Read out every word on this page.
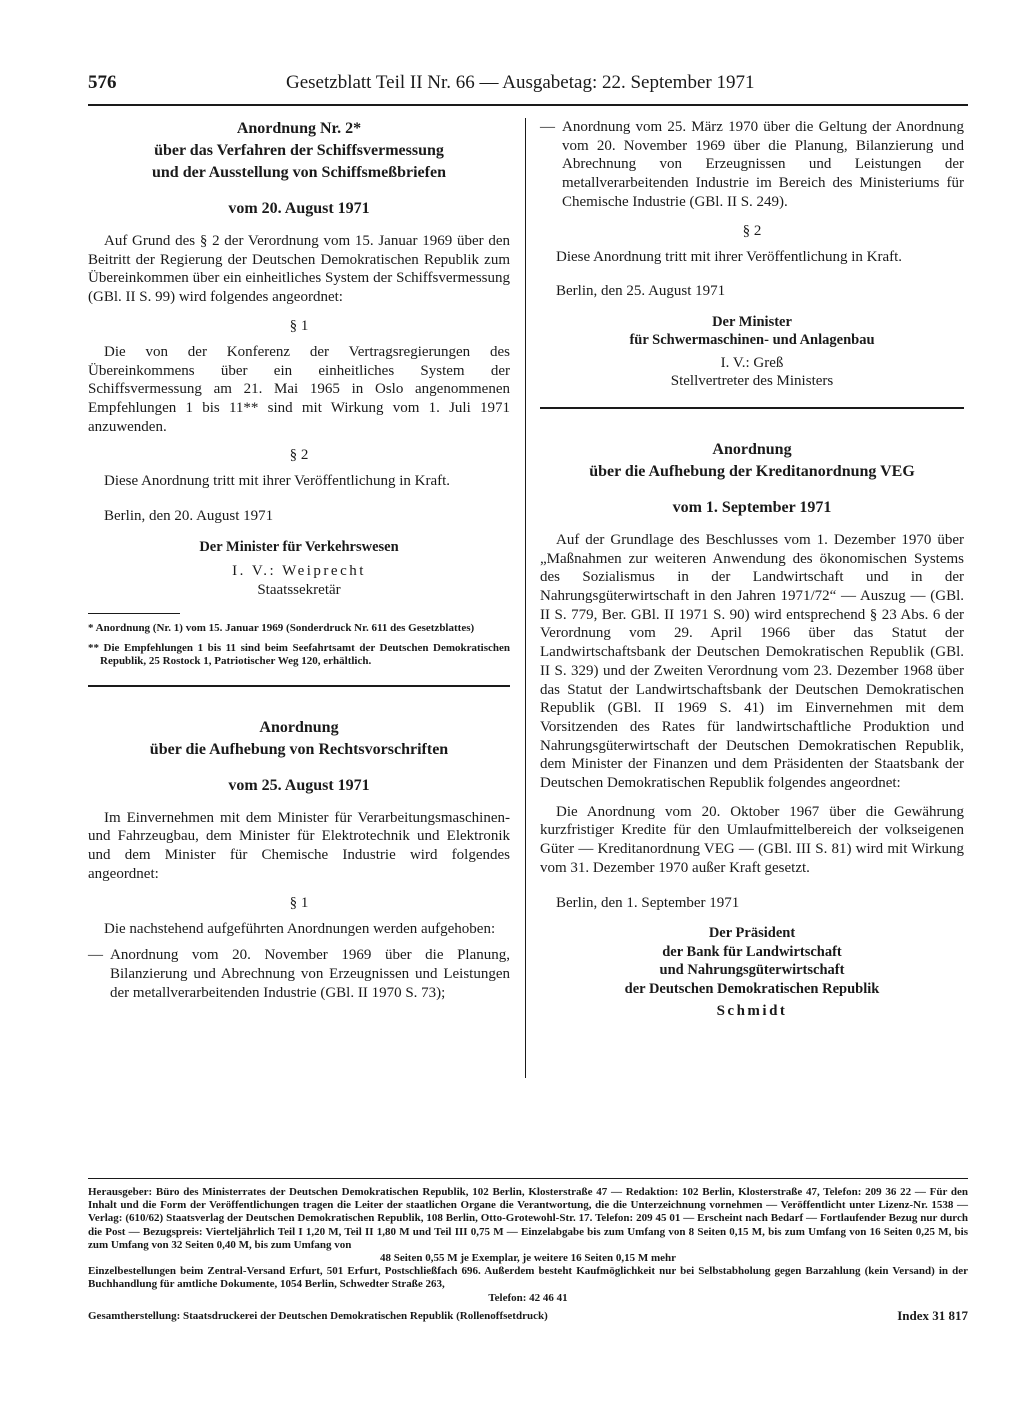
576	Gesetzblatt Teil II Nr. 66 — Ausgabetag: 22. September 1971

Anordnung Nr. 2*

über das Verfahren der Schiffsvermessung

und der Ausstellung von Schiffsmeßbriefen

vom 20. August 1971

Auf Grund des § 2 der Verordnung vom 15. Januar 1969 über den Beitritt der Regierung der Deutschen Demokratischen Republik zum Übereinkommen über ein einheitliches System der Schiffsvermessung (GBl. II S. 99) wird folgendes angeordnet:

§ 1

Die von der Konferenz der Vertragsregierungen des Übereinkommens über ein einheitliches System der Schiffsvermessung am 21. Mai 1965 in Oslo angenommenen Empfehlungen 1 bis 11** sind mit Wirkung vom 1. Juli 1971 anzuwenden.

§ 2

Diese Anordnung tritt mit ihrer Veröffentlichung in Kraft.

Berlin, den 20. August 1971

Der Minister für Verkehrswesen

I. V.: Weiprecht

Staatssekretär

* Anordnung (Nr. 1) vom 15. Januar 1969 (Sonderdruck Nr. 611 des Gesetzblattes)

** Die Empfehlungen 1 bis 11 sind beim Seefahrtsamt der Deutschen Demokratischen Republik, 25 Rostock 1, Patriotischer Weg 120, erhältlich.

Anordnung

über die Aufhebung von Rechtsvorschriften

vom 25. August 1971

Im Einvernehmen mit dem Minister für Verarbeitungsmaschinen- und Fahrzeugbau, dem Minister für Elektrotechnik und Elektronik und dem Minister für Chemische Industrie wird folgendes angeordnet:

§ 1

Die nachstehend aufgeführten Anordnungen werden aufgehoben:

— Anordnung vom 20. November 1969 über die Planung, Bilanzierung und Abrechnung von Erzeugnissen und Leistungen der metallverarbeitenden Industrie (GBl. II 1970 S. 73);
— Anordnung vom 25. März 1970 über die Geltung der Anordnung vom 20. November 1969 über die Planung, Bilanzierung und Abrechnung von Erzeugnissen und Leistungen der metallverarbeitenden Industrie im Bereich des Ministeriums für Chemische Industrie (GBl. II S. 249).

§ 2

Diese Anordnung tritt mit ihrer Veröffentlichung in Kraft.

Berlin, den 25. August 1971

Der Minister

für Schwermaschinen- und Anlagenbau

I. V.: Greß

Stellvertreter des Ministers

Anordnung

über die Aufhebung der Kreditanordnung VEG

vom 1. September 1971

Auf der Grundlage des Beschlusses vom 1. Dezember 1970 über „Maßnahmen zur weiteren Anwendung des ökonomischen Systems des Sozialismus in der Landwirtschaft und in der Nahrungsgüterwirtschaft in den Jahren 1971/72“ — Auszug — (GBl. II S. 779, Ber. GBl. II 1971 S. 90) wird entsprechend § 23 Abs. 6 der Verordnung vom 29. April 1966 über das Statut der Landwirtschaftsbank der Deutschen Demokratischen Republik (GBl. II S. 329) und der Zweiten Verordnung vom 23. Dezember 1968 über das Statut der Landwirtschaftsbank der Deutschen Demokratischen Republik (GBl. II 1969 S. 41) im Einvernehmen mit dem Vorsitzenden des Rates für landwirtschaftliche Produktion und Nahrungsgüterwirtschaft der Deutschen Demokratischen Republik, dem Minister der Finanzen und dem Präsidenten der Staatsbank der Deutschen Demokratischen Republik folgendes angeordnet:

Die Anordnung vom 20. Oktober 1967 über die Gewährung kurzfristiger Kredite für den Umlaufmittelbereich der volkseigenen Güter — Kreditanordnung VEG — (GBl. III S. 81) wird mit Wirkung vom 31. Dezember 1970 außer Kraft gesetzt.

Berlin, den 1. September 1971

Der Präsident

der Bank für Landwirtschaft

und Nahrungsgüterwirtschaft

der Deutschen Demokratischen Republik

Schmidt

Herausgeber: Büro des Ministerrates der Deutschen Demokratischen Republik, 102 Berlin, Klosterstraße 47 — Redaktion: 102 Berlin, Klosterstraße 47, Telefon: 209 36 22 — Für den Inhalt und die Form der Veröffentlichungen tragen die Leiter der staatlichen Organe die Verantwortung, die die Unterzeichnung vornehmen — Veröffentlicht unter Lizenz-Nr. 1538 — Verlag: (610/62) Staatsverlag der Deutschen Demokratischen Republik, 108 Berlin, Otto-Grotewohl-Str. 17. Telefon: 209 45 01 — Erscheint nach Bedarf — Fortlaufender Bezug nur durch die Post — Bezugspreis: Vierteljährlich Teil I 1,20 M, Teil II 1,80 M und Teil III 0,75 M — Einzelabgabe bis zum Umfang von 8 Seiten 0,15 M, bis zum Umfang von 16 Seiten 0,25 M, bis zum Umfang von 32 Seiten 0,40 M, bis zum Umfang von

48 Seiten 0,55 M je Exemplar, je weitere 16 Seiten 0,15 M mehr

Einzelbestellungen beim Zentral-Versand Erfurt, 501 Erfurt, Postschließfach 696. Außerdem besteht Kaufmöglichkeit nur bei Selbstabholung gegen Barzahlung (kein Versand) in der Buchhandlung für amtliche Dokumente, 1054 Berlin, Schwedter Straße 263,

Telefon: 42 46 41

Gesamtherstellung: Staatsdruckerei der Deutschen Demokratischen Republik (Rollenoffsetdruck)	Index 31 817
